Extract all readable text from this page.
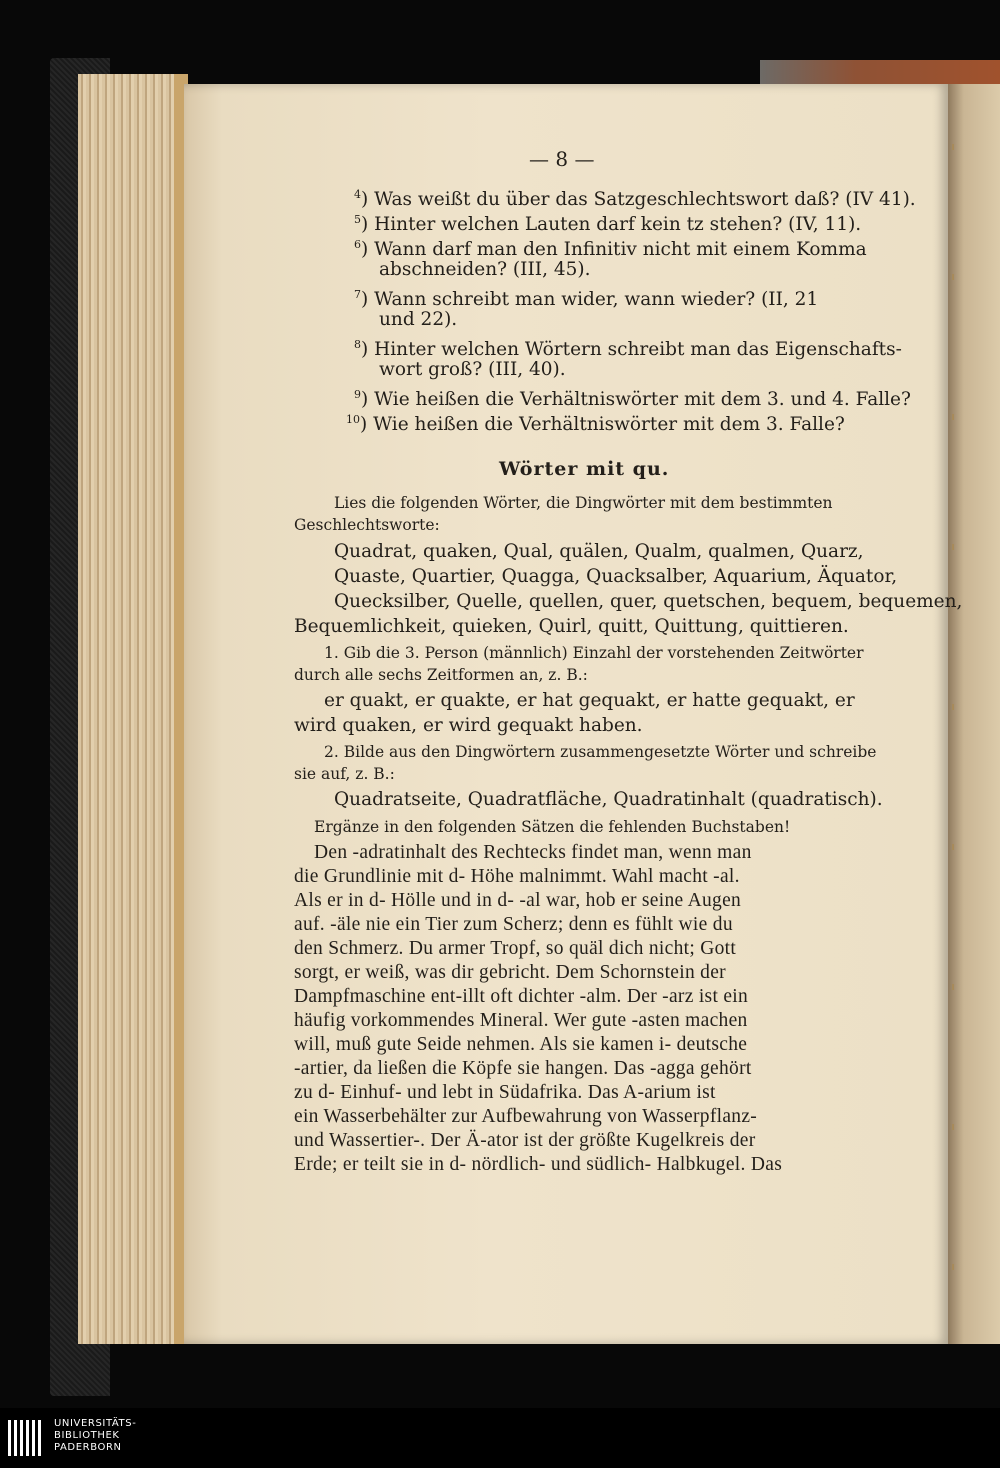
— 8 —
$^4$) Was weißt du über das Satzgeschlechtswort daß? (IV 41).
$^5$) Hinter welchen Lauten darf kein tz stehen? (IV, 11).
$^6$) Wann darf man den Infinitiv nicht mit einem Komma
abschneiden? (III, 45).
$^7$) Wann schreibt man wider, wann wieder? (II, 21
und 22).
$^8$) Hinter welchen Wörtern schreibt man das Eigenschafts-
wort groß? (III, 40).
$^9$) Wie heißen die Verhältniswörter mit dem 3. und 4. Falle?
$^{10}$) Wie heißen die Verhältniswörter mit dem 3. Falle?
Wörter mit qu.
Lies die folgenden Wörter, die Dingwörter mit dem bestimmten
Geschlechtsworte:
Quadrat, quaken, Qual, quälen, Qualm, qualmen, Quarz,
Quaste, Quartier, Quagga, Quacksalber, Aquarium, Äquator,
Quecksilber, Quelle, quellen, quer, quetschen, bequem, bequemen,
Bequemlichkeit, quieken, Quirl, quitt, Quittung, quittieren.
1. Gib die 3. Person (männlich) Einzahl der vorstehenden Zeitwörter
durch alle sechs Zeitformen an, z. B.:
er quakt, er quakte, er hat gequakt, er hatte gequakt, er
wird quaken, er wird gequakt haben.
2. Bilde aus den Dingwörtern zusammengesetzte Wörter und schreibe
sie auf, z. B.:
Quadratseite, Quadratfläche, Quadratinhalt (quadratisch).
Ergänze in den folgenden Sätzen die fehlenden Buchstaben!
Den -adratinhalt des Rechtecks findet man, wenn man
die Grundlinie mit d- Höhe malnimmt. Wahl macht -al.
Als er in d- Hölle und in d- -al war, hob er seine Augen
auf. -äle nie ein Tier zum Scherz; denn es fühlt wie du
den Schmerz. Du armer Tropf, so quäl dich nicht; Gott
sorgt, er weiß, was dir gebricht. Dem Schornstein der
Dampfmaschine ent-illt oft dichter -alm. Der -arz ist ein
häufig vorkommendes Mineral. Wer gute -asten machen
will, muß gute Seide nehmen. Als sie kamen i- deutsche
-artier, da ließen die Köpfe sie hangen. Das -agga gehört
zu d- Einhuf- und lebt in Südafrika. Das A-arium ist
ein Wasserbehälter zur Aufbewahrung von Wasserpflanz-
und Wassertier-. Der Ä-ator ist der größte Kugelkreis der
Erde; er teilt sie in d- nördlich- und südlich- Halbkugel. Das
UNIVERSITÄTS-
BIBLIOTHEK
PADERBORN
